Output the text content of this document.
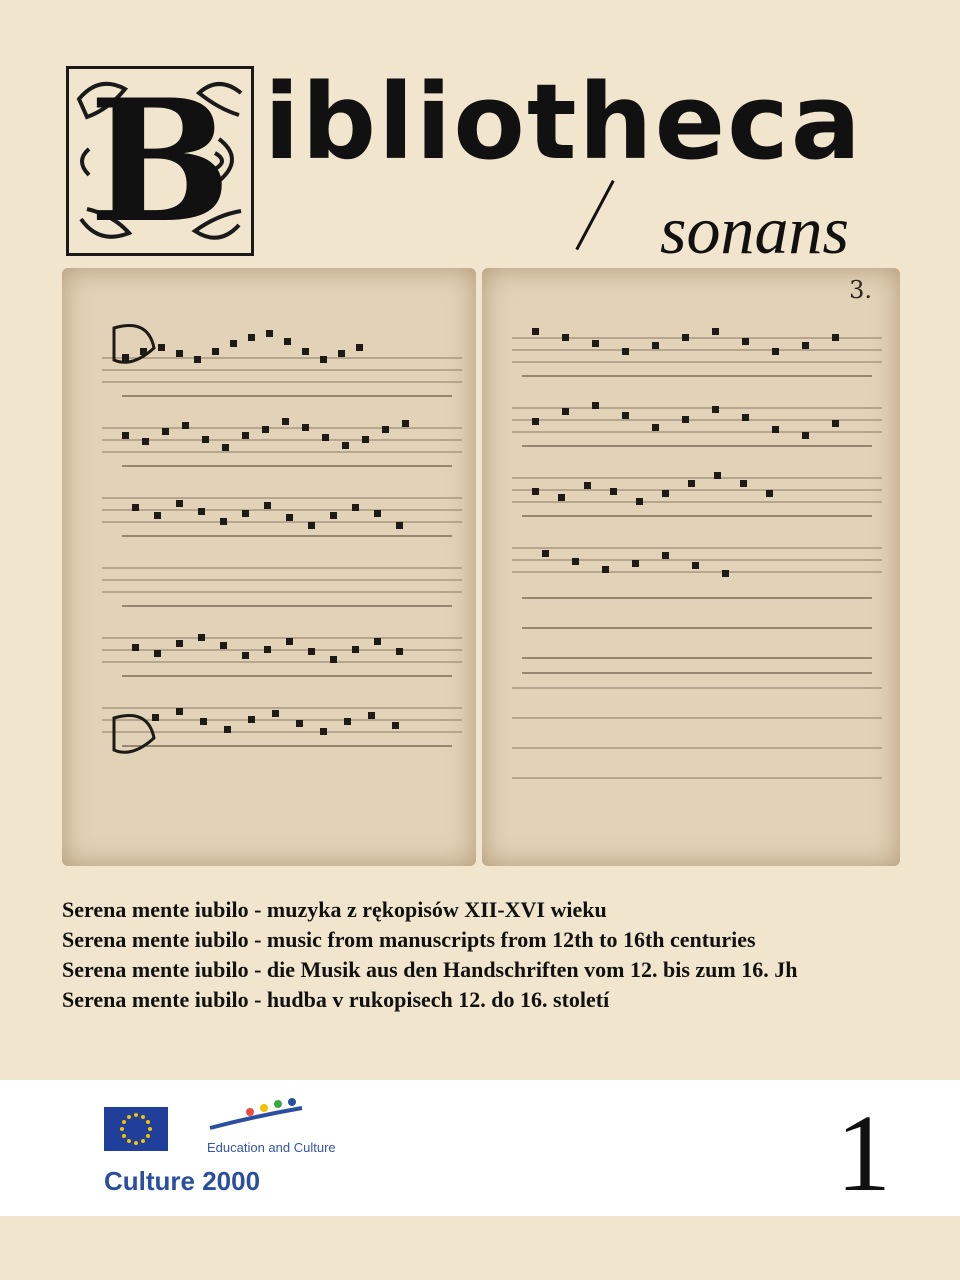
B ibliotheca
sonans
3.
Serena mente iubilo - muzyka z rękopisów XII-XVI wieku
Serena mente iubilo - music from manuscripts from 12th to 16th centuries
Serena mente iubilo - die Musik aus den Handschriften vom 12. bis zum 16. Jh
Serena mente iubilo - hudba v rukopisech 12. do 16. století
Education and Culture
Culture 2000	1
